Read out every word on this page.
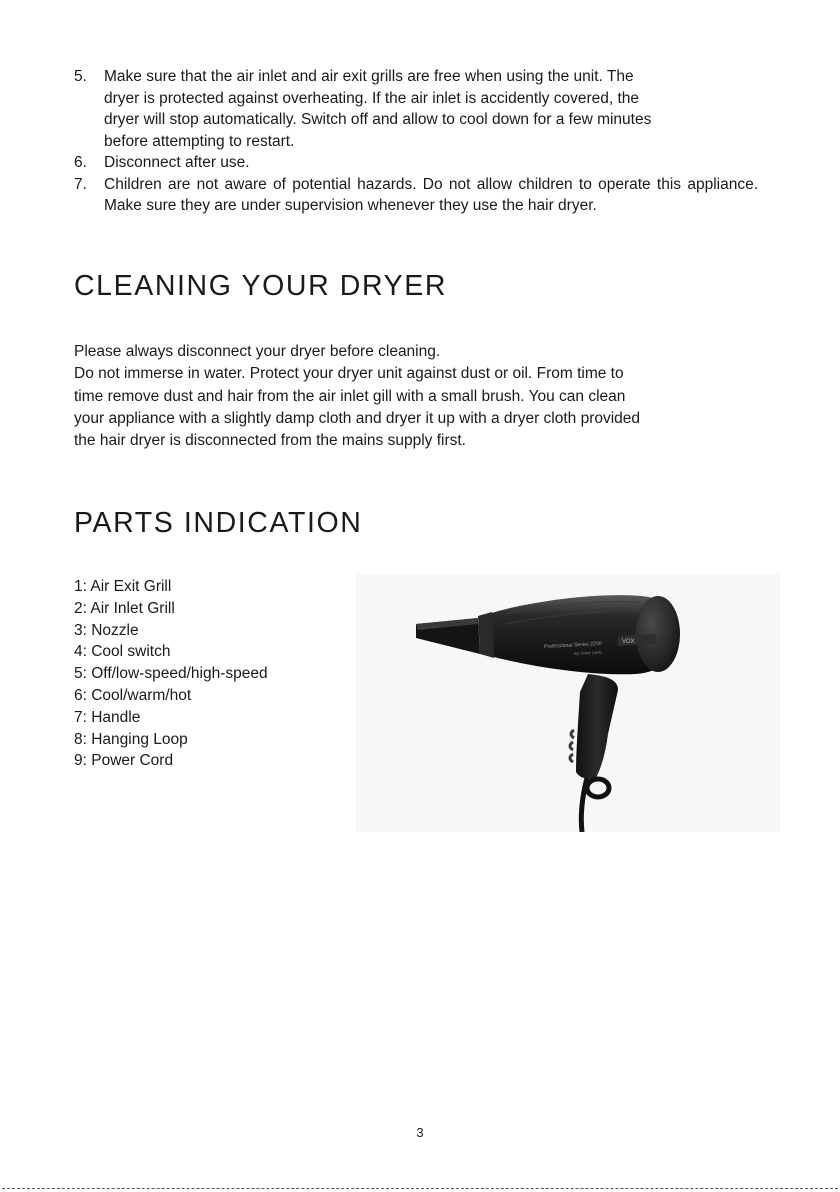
5.	Make sure that the air inlet and air exit grills are free when using the unit. The
dryer is protected against overheating. If the air inlet is accidently covered, the
dryer will stop automatically. Switch off and allow to cool down for a few minutes
before attempting to restart.
6.	Disconnect after use.
7.	Children are not aware of potential hazards. Do not allow children to operate this appliance. Make sure they are under supervision whenever they use the hair dryer.
CLEANING YOUR DRYER
Please always disconnect your dryer before cleaning.
Do not immerse in water. Protect your dryer unit against dust or oil. From time to
time remove dust and hair from the air inlet gill with a small brush. You can clean
your appliance with a slightly damp cloth and dryer it up with a dryer cloth provided
the hair dryer is disconnected from the mains supply first.
PARTS INDICATION
1: Air Exit Grill
2: Air Inlet Grill
3: Nozzle
4: Cool switch
5: Off/low-speed/high-speed
6: Cool/warm/hot
7: Handle
8: Hanging Loop
9: Power Cord
VOX
Professional Series 2200
AC motor | ionic
3
